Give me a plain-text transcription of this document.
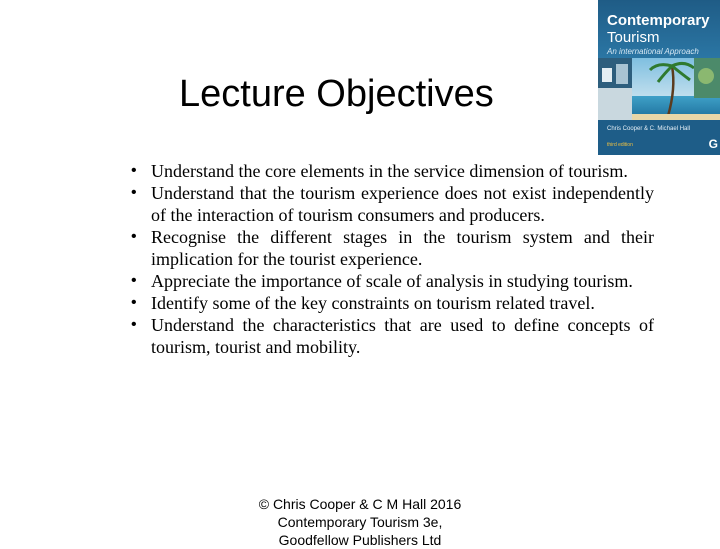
Lecture Objectives
• Understand the core elements in the service dimension of tourism.
• Understand that the tourism experience does not exist independently of the interaction of tourism consumers and producers.
• Recognise the different stages in the tourism system and their implication for the tourist experience.
• Appreciate the importance of scale of analysis in studying tourism.
• Identify some of the key constraints on tourism related travel.
• Understand the characteristics that are used to define concepts of tourism, tourist and mobility.
© Chris Cooper & C M Hall 2016
Contemporary Tourism 3e,
Goodfellow Publishers Ltd
Contemporary
Tourism
An international Approach
Chris Cooper & C. Michael Hall
third edition	G
